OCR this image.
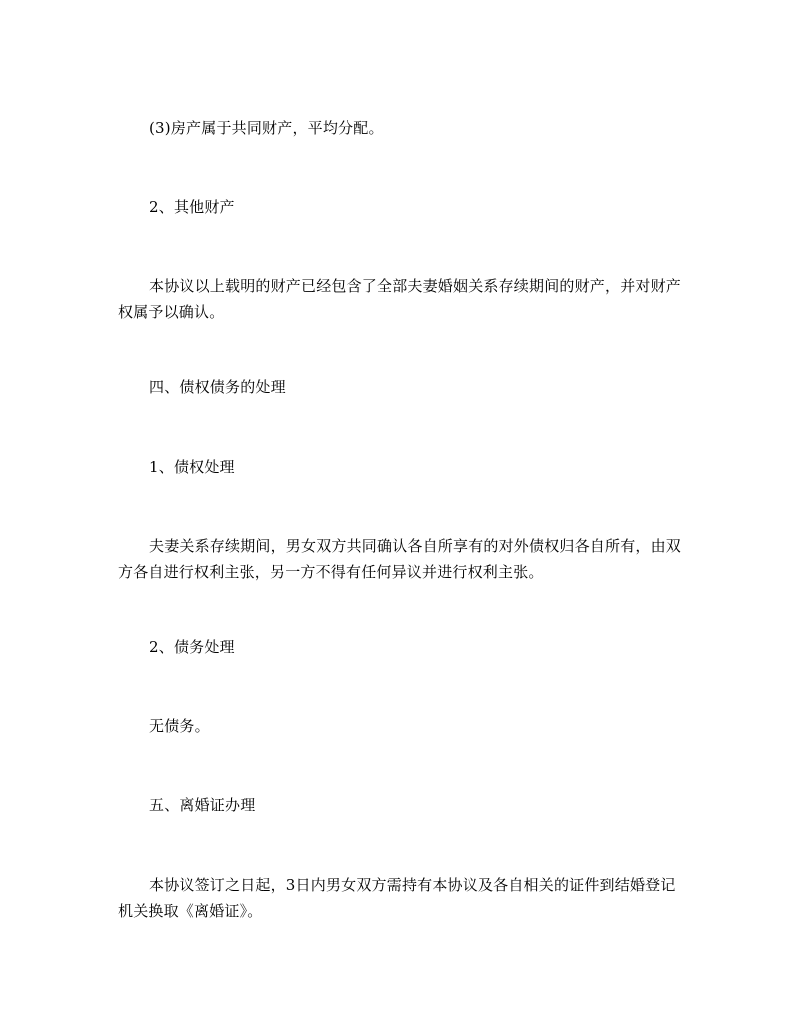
(3)房产属于共同财产，平均分配。

2、其他财产

本协议以上载明的财产已经包含了全部夫妻婚姻关系存续期间的财产，并对财产权属予以确认。

四、债权债务的处理

1、债权处理

夫妻关系存续期间，男女双方共同确认各自所享有的对外债权归各自所有，由双方各自进行权利主张，另一方不得有任何异议并进行权利主张。

2、债务处理

无债务。

五、离婚证办理

本协议签订之日起，3日内男女双方需持有本协议及各自相关的证件到结婚登记机关换取《离婚证》。
